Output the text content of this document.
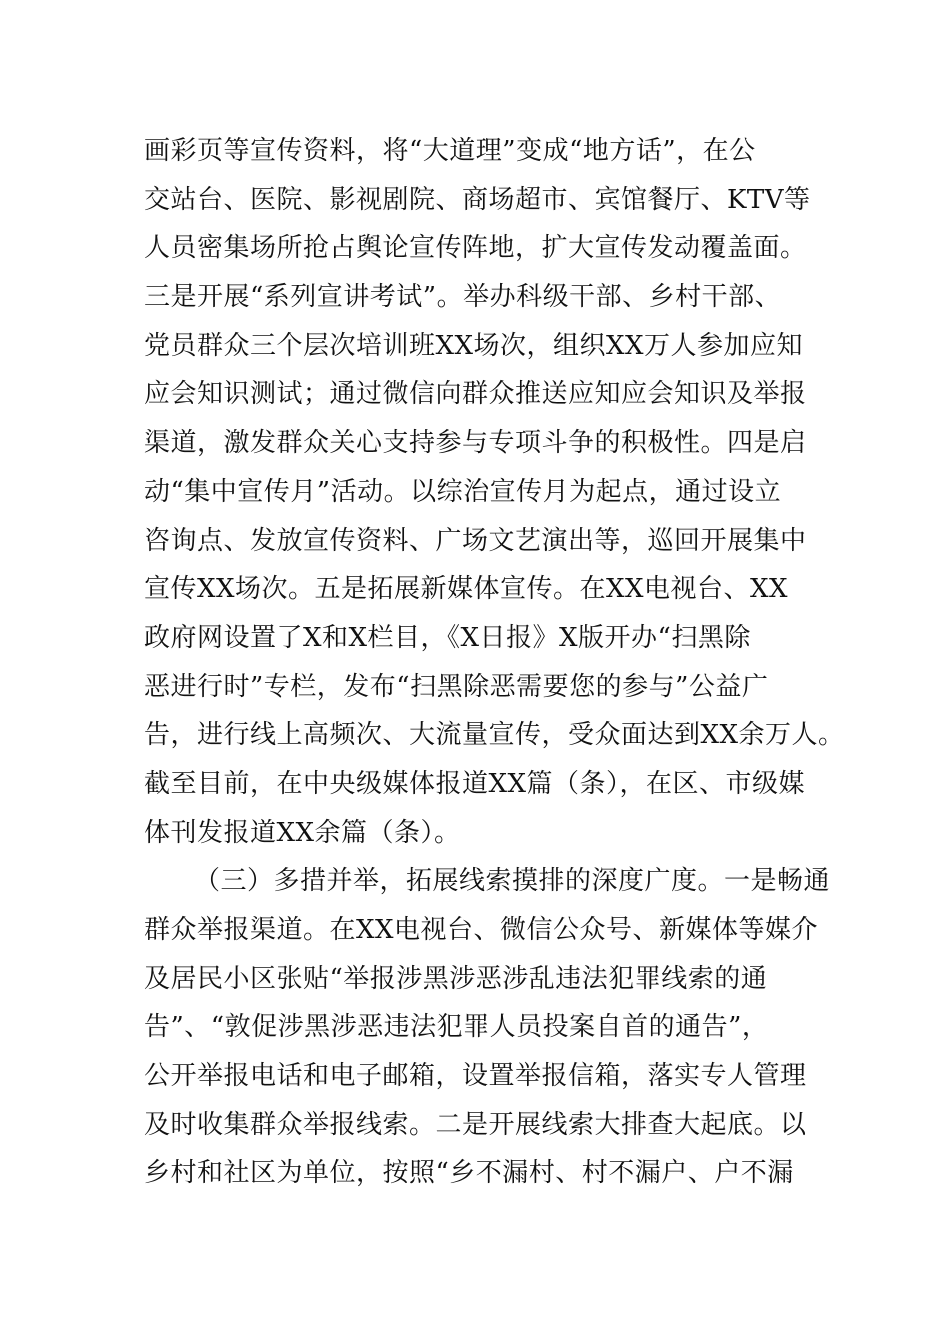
画彩页等宣传资料，将“大道理”变成“地方话”，在公
交站台、医院、影视剧院、商场超市、宾馆餐厅、KTV等
人员密集场所抢占舆论宣传阵地，扩大宣传发动覆盖面。
三是开展“系列宣讲考试”。举办科级干部、乡村干部、
党员群众三个层次培训班XX场次，组织XX万人参加应知
应会知识测试；通过微信向群众推送应知应会知识及举报
渠道，激发群众关心支持参与专项斗争的积极性。四是启
动“集中宣传月”活动。以综治宣传月为起点，通过设立
咨询点、发放宣传资料、广场文艺演出等，巡回开展集中
宣传XX场次。五是拓展新媒体宣传。在XX电视台、XX
政府网设置了X和X栏目，《X日报》X版开办“扫黑除
恶进行时”专栏，发布“扫黑除恶需要您的参与”公益广
告，进行线上高频次、大流量宣传，受众面达到XX余万人。
截至目前，在中央级媒体报道XX篇（条），在区、市级媒
体刊发报道XX余篇（条）。
（三）多措并举，拓展线索摸排的深度广度。一是畅通
群众举报渠道。在XX电视台、微信公众号、新媒体等媒介
及居民小区张贴“举报涉黑涉恶涉乱违法犯罪线索的通
告”、“敦促涉黑涉恶违法犯罪人员投案自首的通告”，
公开举报电话和电子邮箱，设置举报信箱，落实专人管理
及时收集群众举报线索。二是开展线索大排查大起底。以
乡村和社区为单位，按照“乡不漏村、村不漏户、户不漏
